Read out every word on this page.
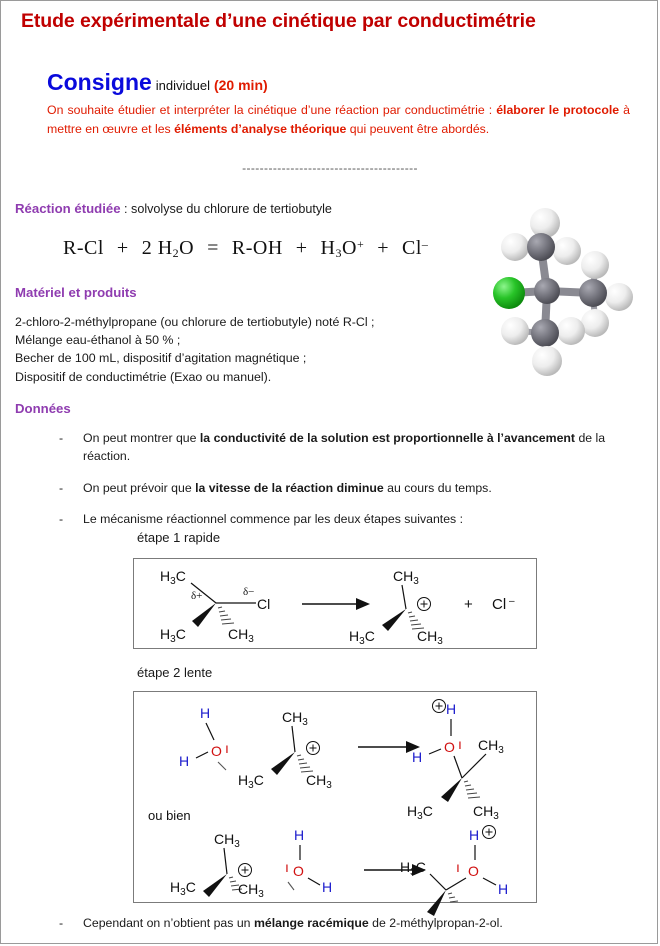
Etude expérimentale d’une cinétique par conductimétrie
Consigne individuel (20 min)
On souhaite étudier et interpréter la cinétique d’une réaction par conductimétrie : élaborer le protocole à mettre en œuvre et les éléments d’analyse théorique qui peuvent être abordés.
----------------------------------------
Réaction étudiée : solvolyse du chlorure de tertiobutyle
R-Cl + 2 $H_2O = R-OH + H_3O^+ + Cl^-$
Matériel et produits
2-chloro-2-méthylpropane (ou chlorure de tertiobutyle) noté R-Cl ;
Mélange eau-éthanol à 50 % ;
Becher de 100 mL, dispositif d’agitation magnétique ;
Dispositif de conductimétrie (Exao ou manuel).
Données
- On peut montrer que la conductivité de la solution est proportionnelle à l’avancement de la réaction.
- On peut prévoir que la vitesse de la réaction diminue au cours du temps.
- Le mécanisme réactionnel commence par les deux étapes suivantes :
étape 1 rapide
$H_3C$
δ+	δ−
Cl
$H_3C$	$CH_3$
$CH_3$
$H_3C$	$CH_3$
+ Cl –
étape 2 lente
H
O ı
H
$CH_3$
$H_3C$	$CH_3$
H
O ı
H
$CH_3$
$H_3C$	$CH_3$
ou bien
$CH_3$
$H_3C$	$CH_3$
H
O
ı
H
H
O
ı
H
$H_3C$
- Cependant on n’obtient pas un mélange racémique de 2-méthylpropan-2-ol.
